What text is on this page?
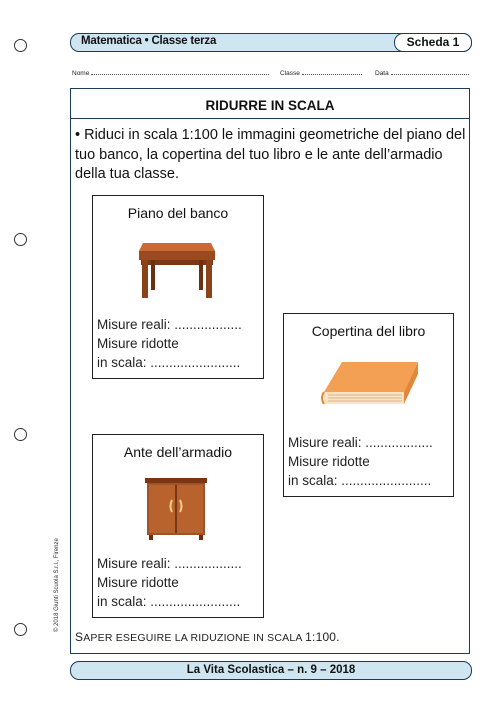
Matematica • Classe terza	Scheda 1
Nome	Classe	Data
RIDURRE IN SCALA
• Riduci in scala 1:100 le immagini geometriche del piano del tuo banco, la copertina del tuo libro e le ante dell’armadio della tua classe.
Piano del banco
Misure reali: ..................
Misure ridotte
in scala: ........................
Copertina del libro
Misure reali: ..................
Misure ridotte
in scala: ........................
Ante dell’armadio
Misure reali: ..................
Misure ridotte
in scala: ........................
SAPER ESEGUIRE LA RIDUZIONE IN SCALA 1:100.
© 2018 Giunti Scuola S.r.l., Firenze
La Vita Scolastica – n. 9 – 2018
